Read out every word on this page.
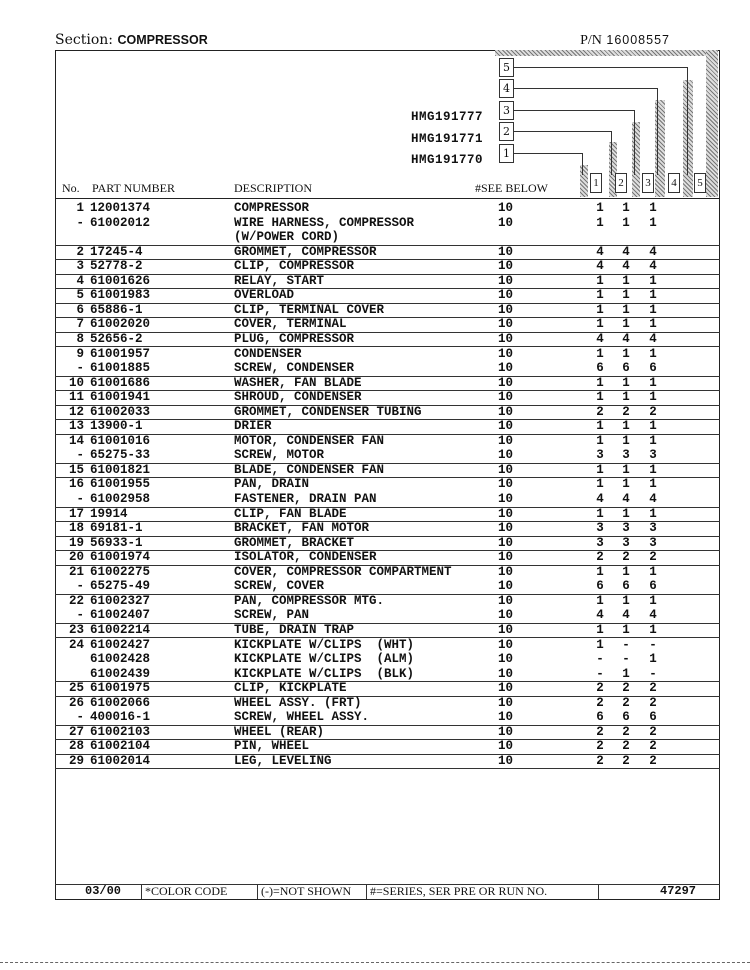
Section: COMPRESSOR	P/N 16008557
5
4
3
2
1
HMG191777
HMG191771
HMG191770
No. PART NUMBER	DESCRIPTION	#SEE BELOW	1 2 3 4 5
1 12001374	COMPRESSOR	10	1 1 1
- 61002012	WIRE HARNESS, COMPRESSOR	10	1 1 1
(W/POWER CORD)
2 17245-4	GROMMET, COMPRESSOR	10	4 4 4
3 52778-2	CLIP, COMPRESSOR	10	4 4 4
4 61001626	RELAY, START	10	1 1 1
5 61001983	OVERLOAD	10	1 1 1
6 65886-1	CLIP, TERMINAL COVER	10	1 1 1
7 61002020	COVER, TERMINAL	10	1 1 1
8 52656-2	PLUG, COMPRESSOR	10	4 4 4
9 61001957	CONDENSER	10	1 1 1
- 61001885	SCREW, CONDENSER	10	6 6 6
10 61001686	WASHER, FAN BLADE	10	1 1 1
11 61001941	SHROUD, CONDENSER	10	1 1 1
12 61002033	GROMMET, CONDENSER TUBING	10	2 2 2
13 13900-1	DRIER	10	1 1 1
14 61001016	MOTOR, CONDENSER FAN	10	1 1 1
- 65275-33	SCREW, MOTOR	10	3 3 3
15 61001821	BLADE, CONDENSER FAN	10	1 1 1
16 61001955	PAN, DRAIN	10	1 1 1
- 61002958	FASTENER, DRAIN PAN	10	4 4 4
17 19914	CLIP, FAN BLADE	10	1 1 1
18 69181-1	BRACKET, FAN MOTOR	10	3 3 3
19 56933-1	GROMMET, BRACKET	10	3 3 3
20 61001974	ISOLATOR, CONDENSER	10	2 2 2
21 61002275	COVER, COMPRESSOR COMPARTMENT	10	1 1 1
- 65275-49	SCREW, COVER	10	6 6 6
22 61002327	PAN, COMPRESSOR MTG.	10	1 1 1
- 61002407	SCREW, PAN	10	4 4 4
23 61002214	TUBE, DRAIN TRAP	10	1 1 1
24 61002427	KICKPLATE W/CLIPS  (WHT)	10	1 - -
61002428	KICKPLATE W/CLIPS  (ALM)	10	- - 1
61002439	KICKPLATE W/CLIPS  (BLK)	10	- 1 -
25 61001975	CLIP, KICKPLATE	10	2 2 2
26 61002066	WHEEL ASSY. (FRT)	10	2 2 2
- 400016-1	SCREW, WHEEL ASSY.	10	6 6 6
27 61002103	WHEEL (REAR)	10	2 2 2
28 61002104	PIN, WHEEL	10	2 2 2
29 61002014	LEG, LEVELING	10	2 2 2
03/00	*COLOR CODE	(-)=NOT SHOWN	#=SERIES, SER PRE OR RUN NO.	47297
